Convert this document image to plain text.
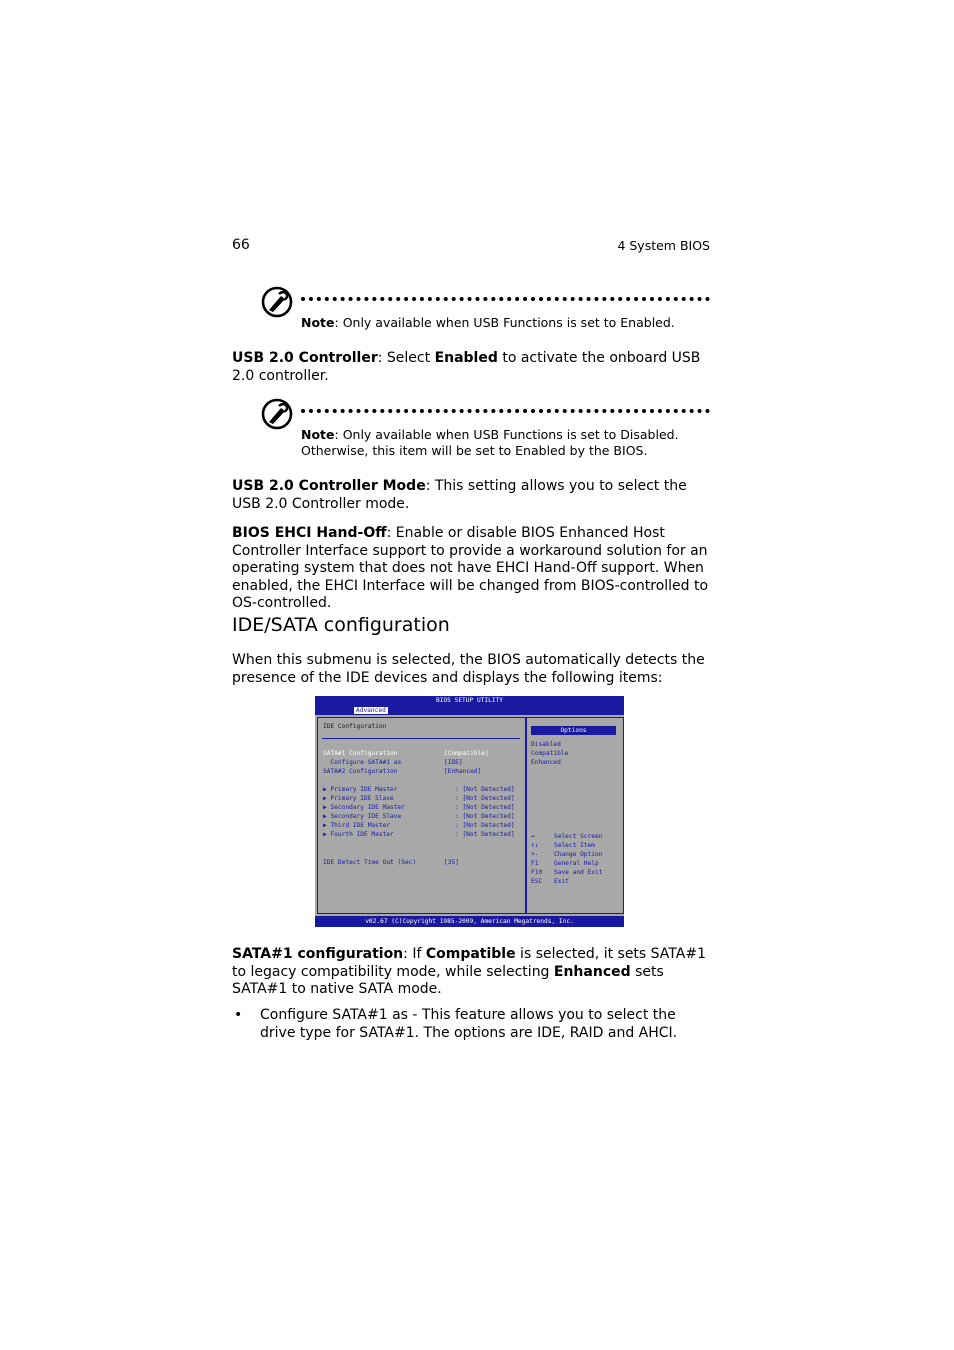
66	4 System BIOS
Note: Only available when USB Functions is set to Enabled.
USB 2.0 Controller: Select Enabled to activate the onboard USB 2.0 controller.
Note: Only available when USB Functions is set to Disabled.
Otherwise, this item will be set to Enabled by the BIOS.
USB 2.0 Controller Mode: This setting allows you to select the USB 2.0 Controller mode.
BIOS EHCI Hand-Off: Enable or disable BIOS Enhanced Host Controller Interface support to provide a workaround solution for an operating system that does not have EHCI Hand-Off support. When enabled, the EHCI Interface will be changed from BIOS-controlled to OS-controlled.
IDE/SATA configuration
When this submenu is selected, the BIOS automatically detects the presence of the IDE devices and displays the following items:
BIOS SETUP UTILITY
Advanced
IDE Configuration
SATA#1 Configuration	[Compatible]
Configure SATA#1 as	[IDE]
SATA#2 Configuration	[Enhanced]
▶ Primary IDE Master	: [Not Detected]
▶ Primary IDE Slave	: [Not Detected]
▶ Secondary IDE Master	: [Not Detected]
▶ Secondary IDE Slave	: [Not Detected]
▶ Third IDE Master	: [Not Detected]
▶ Fourth IDE Master	: [Not Detected]
IDE Detect Time Out (Sec)	[35]
Options
Disabled
Compatible
Enhanced
↔	Select Screen
↑↓	Select Item
+-	Change Option
F1	General Help
F10 Save and Exit
ESC Exit
v02.67 (C)Copyright 1985-2009, American Megatrends, Inc.
SATA#1 configuration: If Compatible is selected, it sets SATA#1 to legacy compatibility mode, while selecting Enhanced sets SATA#1 to native SATA mode.
• Configure SATA#1 as - This feature allows you to select the drive type for SATA#1. The options are IDE, RAID and AHCI.
